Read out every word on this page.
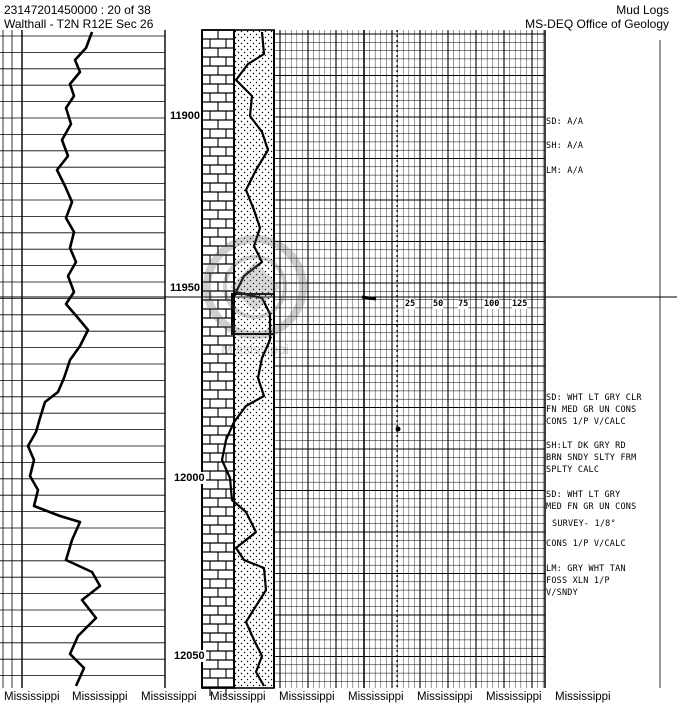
23147201450000 : 20 of 38
Walthall - T2N R12E Sec 26
Mud Logs
MS-DEQ Office of Geology
Mississippi
11900
11950
12000
12050
25 50 75 100 125
SD: A/A
SH: A/A
LM: A/A
SD: WHT LT GRY CLR
FN MED GR UN CONS
CONS 1/P V/CALC
SH:LT DK GRY RD
BRN SNDY SLTY FRM
SPLTY CALC
SD: WHT LT GRY
MED FN GR UN CONS
SURVEY- 1/8°
CONS 1/P V/CALC
LM: GRY WHT TAN
FOSS XLN 1/P
V/SNDY
Mississippi Mississippi Mississippi Mississippi Mississippi Mississippi Mississippi Mississippi Mississippi
